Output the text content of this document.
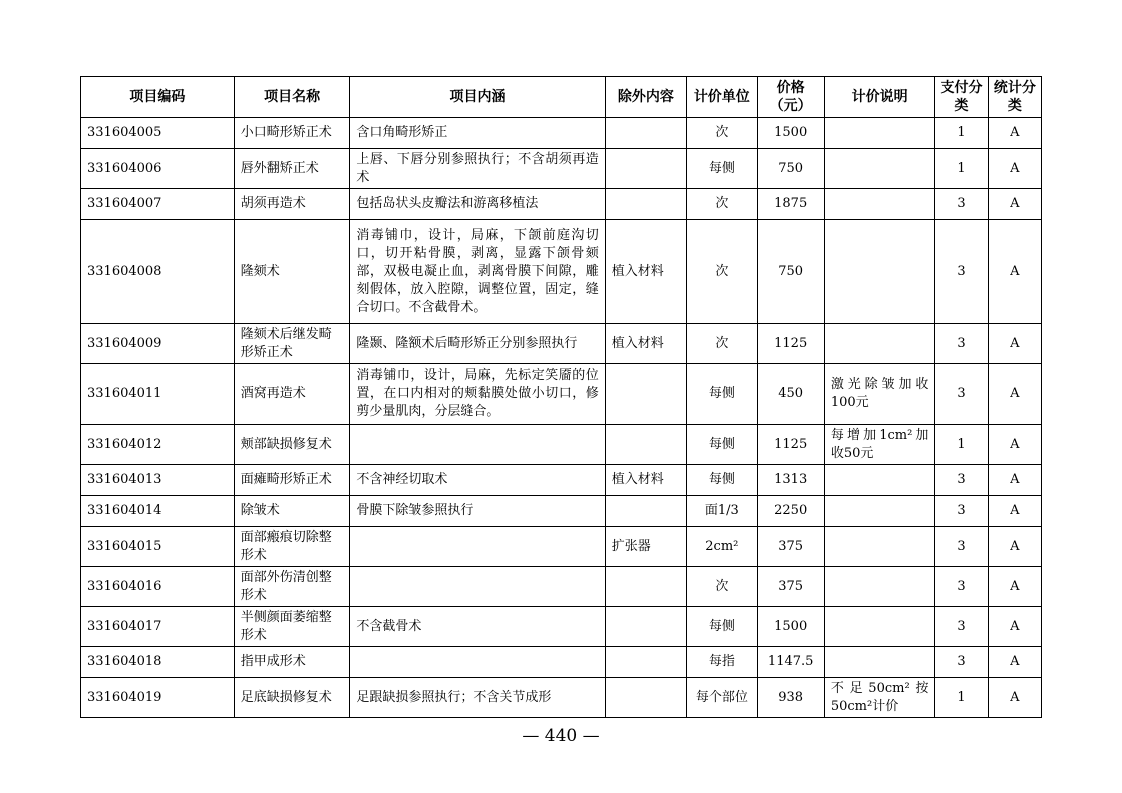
项目编码	项目名称	项目内涵	除外内容	计价单位	价格（元）	计价说明	支付分类	统计分类
331604005	小口畸形矫正术	含口角畸形矫正		次	1500		1	A
331604006	唇外翻矫正术	上唇、下唇分别参照执行；不含胡须再造术		每侧	750		1	A
331604007	胡须再造术	包括岛状头皮瓣法和游离移植法		次	1875		3	A
331604008	隆颏术	消毒铺巾，设计，局麻，下颌前庭沟切口，切开粘骨膜，剥离，显露下颌骨颏部，双极电凝止血，剥离骨膜下间隙，雕刻假体，放入腔隙，调整位置，固定，缝合切口。不含截骨术。	植入材料	次	750		3	A
331604009	隆颏术后继发畸形矫正术	隆颞、隆额术后畸形矫正分别参照执行	植入材料	次	1125		3	A
331604011	酒窝再造术	消毒铺巾，设计，局麻，先标定笑靥的位置，在口内相对的颊黏膜处做小切口，修剪少量肌肉，分层缝合。		每侧	450	激光除皱加收100元	3	A
331604012	颊部缺损修复术			每侧	1125	每增加1cm²加收50元	1	A
331604013	面瘫畸形矫正术	不含神经切取术	植入材料	每侧	1313		3	A
331604014	除皱术	骨膜下除皱参照执行		面1/3	2250		3	A
331604015	面部瘢痕切除整形术		扩张器	2cm²	375		3	A
331604016	面部外伤清创整形术			次	375		3	A
331604017	半侧颜面萎缩整形术	不含截骨术		每侧	1500		3	A
331604018	指甲成形术			每指	1147.5		3	A
331604019	足底缺损修复术	足跟缺损参照执行；不含关节成形		每个部位	938	不足50cm²按50cm²计价	1	A
— 440 —
